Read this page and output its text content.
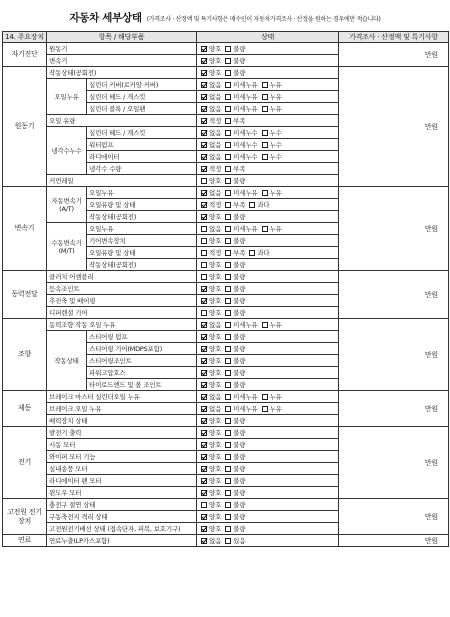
자동차 세부상태 (가격조사 · 산정액 및 특기사항은 매수인이 자동차가격조사 · 산정을 원하는 경우에만 적습니다)
14. 주요장치	항목 / 해당부품		상태	가격조사 · 산정액 및 특기사항
자기진단	원동기		양호 불량	만원
	변속기		양호 불량	
원동기	작동상태(공회전)		양호 불량	만원
	오일누유	실린더 커버(로커암 커버)	없음 미세누유 누유	
		실린더 헤드 / 개스킷	없음 미세누유 누유	
		실린더 블록 / 오일팬	없음 미세누유 누유	
	오일 유량		적정 부족	
	냉각수누수	실린더 헤드 / 개스킷	없음 미세누수 누수	
		워터펌프	없음 미세누수 누수	
		라디에이터	없음 미세누수 누수	
		냉각수 수량	적정 부족	
	커먼레일		양호 불량	
변속기	자동변속기 (A/T)	오일누유	없음 미세누유 누유	만원
		오일유량 및 상태	적정 부족 과다	
		작동상태(공회전)	양호 불량	
	수동변속기 (M/T)	오일누유	없음 미세누유 누유	
		기어변속장치	양호 불량	
		오일유량 및 상태	적정 부족 과다	
		작동상태(공회전)	양호 불량	
동력전달	클러치 어셈블리		양호 불량	만원
	등속조인트		양호 불량	
	추진축 및 베어링		양호 불량	
	디퍼렌셜 기어		양호 불량	
조향	동력조향 작동 오일 누유		없음 미세누유 누유	만원
	작동상태	스티어링 펌프	양호 불량	
		스티어링 기어(MDPS포함)	양호 불량	
		스티어링조인트	양호 불량	
		파워고압호스	양호 불량	
		타이로드엔드 및 볼 조인트	양호 불량	
제동	브레이크 마스터 실린더오일 누유		없음 미세누유 누유	만원
	브레이크 오일 누유		없음 미세누유 누유	
	배력장치 상태		양호 불량	
전기	발전기 출력		양호 불량	만원
	시동 모터		양호 불량	
	와이퍼 모터 기능		양호 불량	
	실내송풍 모터		양호 불량	
	라디에이터 팬 모터		양호 불량	
	윈도우 모터		양호 불량	
고전원 전기장치	충전구 절연 상태		양호 불량	만원
	구동축전지 격리 상태		양호 불량	
	고전원전기배선 상태 (접속단자, 피복, 보호기구)		양호 불량	
연료	연료누출(LP가스포함)		없음 있음	만원
